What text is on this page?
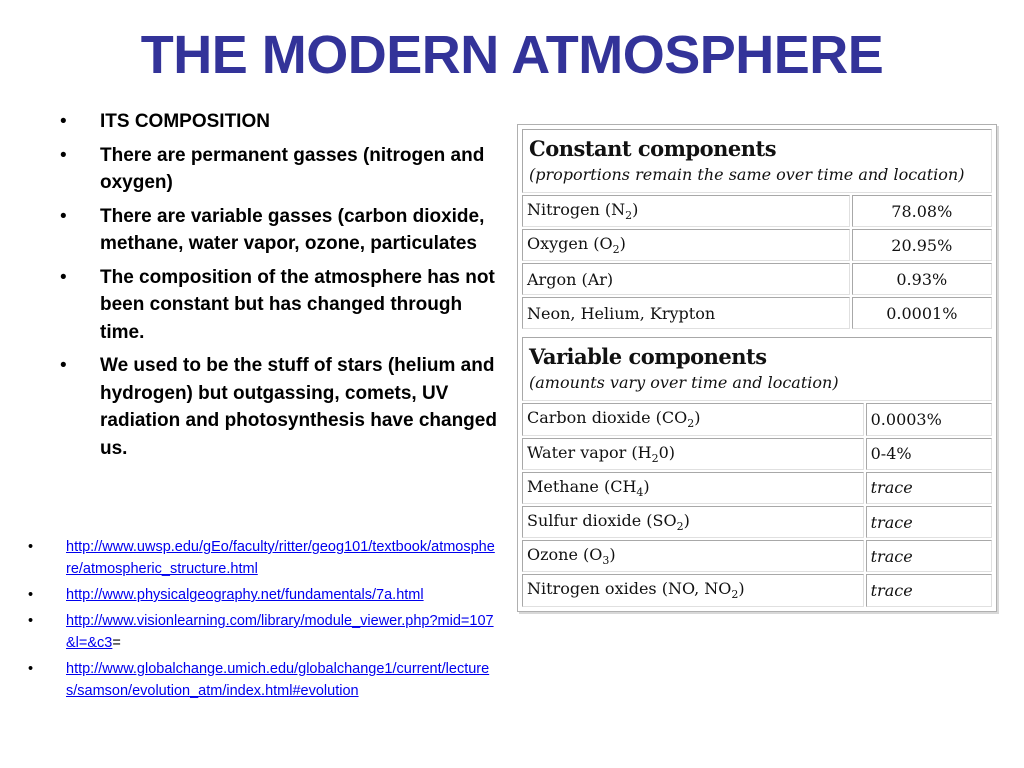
THE MODERN ATMOSPHERE
• ITS COMPOSITION
• There are permanent gasses (nitrogen and oxygen)
• There are variable gasses (carbon dioxide, methane, water vapor, ozone, particulates
• The composition of the atmosphere has not been constant but has changed through time.
• We used to be the stuff of stars (helium and hydrogen) but outgassing, comets, UV radiation and photosynthesis have changed us.
• http://www.uwsp.edu/gEo/faculty/ritter/geog101/textbook/atmosphere/atmospheric_structure.html
• http://www.physicalgeography.net/fundamentals/7a.html
• http://www.visionlearning.com/library/module_viewer.php?mid=107&l=&c3=
• http://www.globalchange.umich.edu/globalchange1/current/lectures/samson/evolution_atm/index.html#evolution
Constant components
(proportions remain the same over time and location)	

Nitrogen $(N_2)$	78.08%
Oxygen $(O_2)$	20.95%
Argon (Ar)	0.93%
Neon, Helium, Krypton	0.0001%
Variable components
(amounts vary over time and location)	

Carbon dioxide $(CO_2)$	0.0003%
Water vapor $(H_20)$	0-4%
Methane $(CH_4)$	trace
Sulfur dioxide $(SO_2)$	trace
Ozone $(O_3)$	trace
Nitrogen oxides (NO, $NO_2$)	trace
